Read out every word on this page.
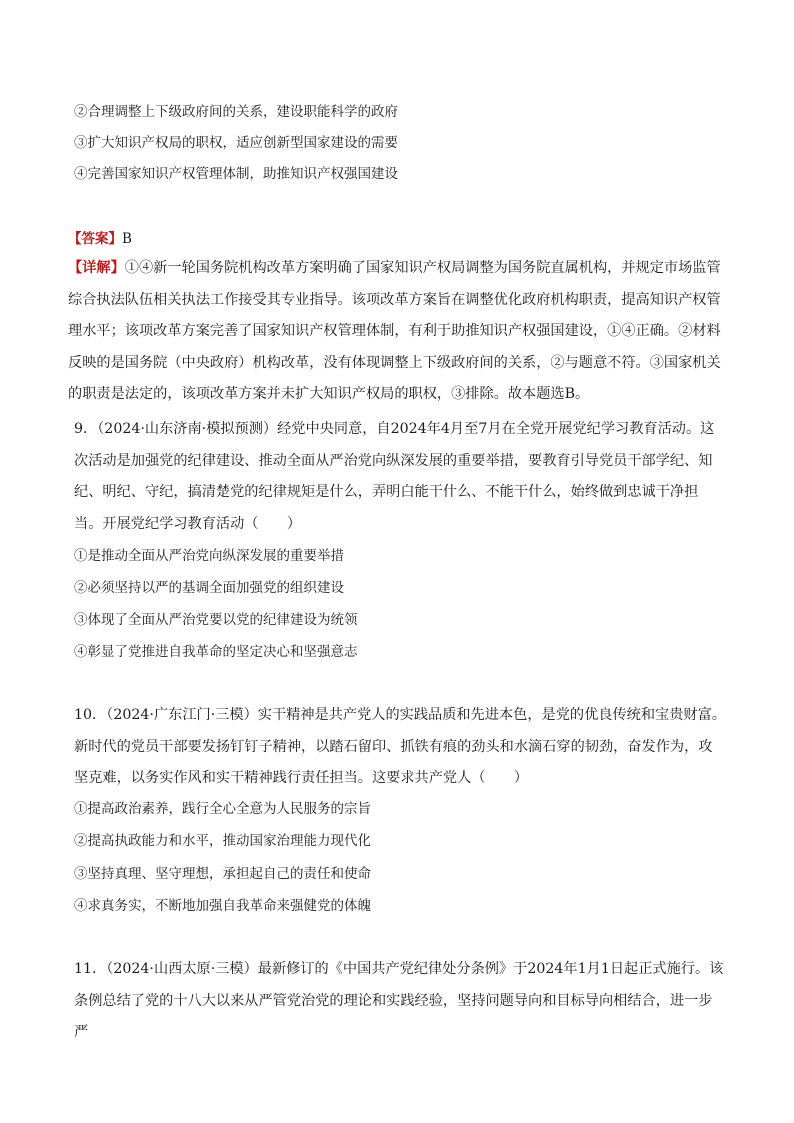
②合理调整上下级政府间的关系，建设职能科学的政府
③扩大知识产权局的职权，适应创新型国家建设的需要
④完善国家知识产权管理体制，助推知识产权强国建设
【答案】B
【详解】①④新一轮国务院机构改革方案明确了国家知识产权局调整为国务院直属机构，并规定市场监管综合执法队伍相关执法工作接受其专业指导。该项改革方案旨在调整优化政府机构职责，提高知识产权管理水平；该项改革方案完善了国家知识产权管理体制，有利于助推知识产权强国建设，①④正确。②材料反映的是国务院（中央政府）机构改革，没有体现调整上下级政府间的关系，②与题意不符。③国家机关的职责是法定的，该项改革方案并未扩大知识产权局的职权，③排除。故本题选B。
9．（2024·山东济南·模拟预测）经党中央同意，自2024年4月至7月在全党开展党纪学习教育活动。这次活动是加强党的纪律建设、推动全面从严治党向纵深发展的重要举措，要教育引导党员干部学纪、知纪、明纪、守纪，搞清楚党的纪律规矩是什么，弄明白能干什么、不能干什么，始终做到忠诚干净担当。开展党纪学习教育活动（　　）
①是推动全面从严治党向纵深发展的重要举措
②必须坚持以严的基调全面加强党的组织建设
③体现了全面从严治党要以党的纪律建设为统领
④彰显了党推进自我革命的坚定决心和坚强意志
10．（2024·广东江门·三模）实干精神是共产党人的实践品质和先进本色，是党的优良传统和宝贵财富。新时代的党员干部要发扬钉钉子精神，以踏石留印、抓铁有痕的劲头和水滴石穿的韧劲，奋发作为，攻坚克难，以务实作风和实干精神践行责任担当。这要求共产党人（　　）
①提高政治素养，践行全心全意为人民服务的宗旨
②提高执政能力和水平，推动国家治理能力现代化
③坚持真理、坚守理想，承担起自己的责任和使命
④求真务实，不断地加强自我革命来强健党的体魄
11．（2024·山西太原·三模）最新修订的《中国共产党纪律处分条例》于2024年1月1日起正式施行。该条例总结了党的十八大以来从严管党治党的理论和实践经验，坚持问题导向和目标导向相结合，进一步严
